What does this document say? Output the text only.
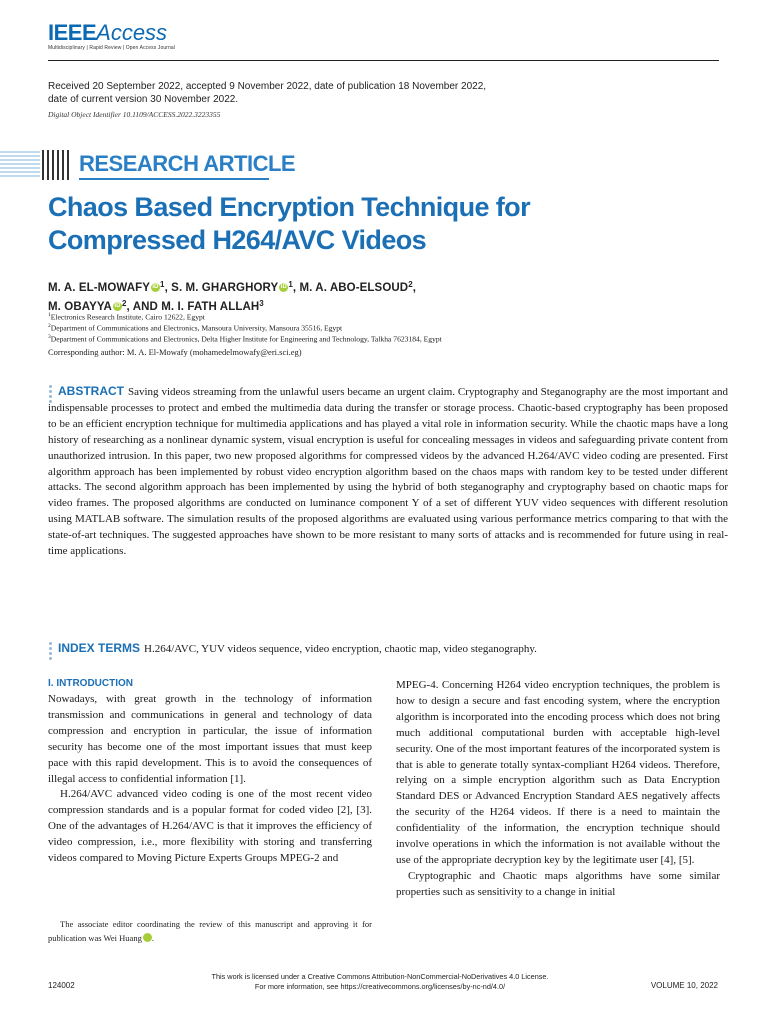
IEEEAccess
Multidisciplinary | Rapid Review | Open Access Journal
Received 20 September 2022, accepted 9 November 2022, date of publication 18 November 2022, date of current version 30 November 2022.
Digital Object Identifier 10.1109/ACCESS.2022.3223355
RESEARCH ARTICLE
Chaos Based Encryption Technique for
Compressed H264/AVC Videos
M. A. EL-MOWAFY $iD^1$, S. M. GHARGHORY $iD^1$, M. A. ABO-ELSOUD$^2$,
M. OBAYYA $iD^2$, AND M. I. FATH ALLAH$^3$
$^1$Electronics Research Institute, Cairo 12622, Egypt
$^2$Department of Communications and Electronics, Mansoura University, Mansoura 35516, Egypt
$^3$Department of Communications and Electronics, Delta Higher Institute for Engineering and Technology, Talkha 7623184, Egypt
Corresponding author: M. A. El-Mowafy (mohamedelmowafy@eri.sci.eg)
ABSTRACT Saving videos streaming from the unlawful users became an urgent claim. Cryptography and Steganography are the most important and indispensable processes to protect and embed the multimedia data during the transfer or storage process. Chaotic-based cryptography has been proposed to be an efficient encryption technique for multimedia applications and has played a vital role in information security. While the chaotic maps have a long history of researching as a nonlinear dynamic system, visual encryption is useful for concealing messages in videos and safeguarding private content from unauthorized intrusion. In this paper, two new proposed algorithms for compressed videos by the advanced H.264/AVC video coding are presented. First algorithm approach has been implemented by robust video encryption algorithm based on the chaos maps with random key to be tested under different attacks. The second algorithm approach has been implemented by using the hybrid of both steganography and cryptography based on chaotic maps for video frames. The proposed algorithms are conducted on luminance component Y of a set of different YUV video sequences with different resolution using MATLAB software. The simulation results of the proposed algorithms are evaluated using various performance metrics comparing to that with the state-of-art techniques. The suggested approaches have shown to be more resistant to many sorts of attacks and is recommended for future using in real-time applications.
INDEX TERMS H.264/AVC, YUV videos sequence, video encryption, chaotic map, video steganography.
I. INTRODUCTION

Nowadays, with great growth in the technology of information transmission and communications in general and technology of data compression and encryption in particular, the issue of information security has become one of the most important issues that must keep pace with this rapid development. This is to avoid the consequences of illegal access to confidential information [1].

H.264/AVC advanced video coding is one of the most recent video compression standards and is a popular format for coded video [2], [3]. One of the advantages of H.264/AVC is that it improves the efficiency of video compression, i.e., more flexibility with storing and transferring videos compared to Moving Picture Experts Groups MPEG-2 and

MPEG-4. Concerning H264 video encryption techniques, the problem is how to design a secure and fast encoding system, where the encryption algorithm is incorporated into the encoding process which does not bring much additional computational burden with acceptable high-level security. One of the most important features of the incorporated system is that is able to generate totally syntax-compliant H264 videos. Therefore, relying on a simple encryption algorithm such as Data Encryption Standard DES or Advanced Encryption Standard AES negatively affects the security of the H264 videos. If there is a need to maintain the confidentiality of the information, the encryption technique should involve operations in which the information is not available without the use of the appropriate decryption key by the legitimate user [4], [5].

Cryptographic and Chaotic maps algorithms have some similar properties such as sensitivity to a change in initial

The associate editor coordinating the review of this manuscript and approving it for publication was Wei Huang iD.
124002
This work is licensed under a Creative Commons Attribution-NonCommercial-NoDerivatives 4.0 License.
For more information, see https://creativecommons.org/licenses/by-nc-nd/4.0/	VOLUME 10, 2022
